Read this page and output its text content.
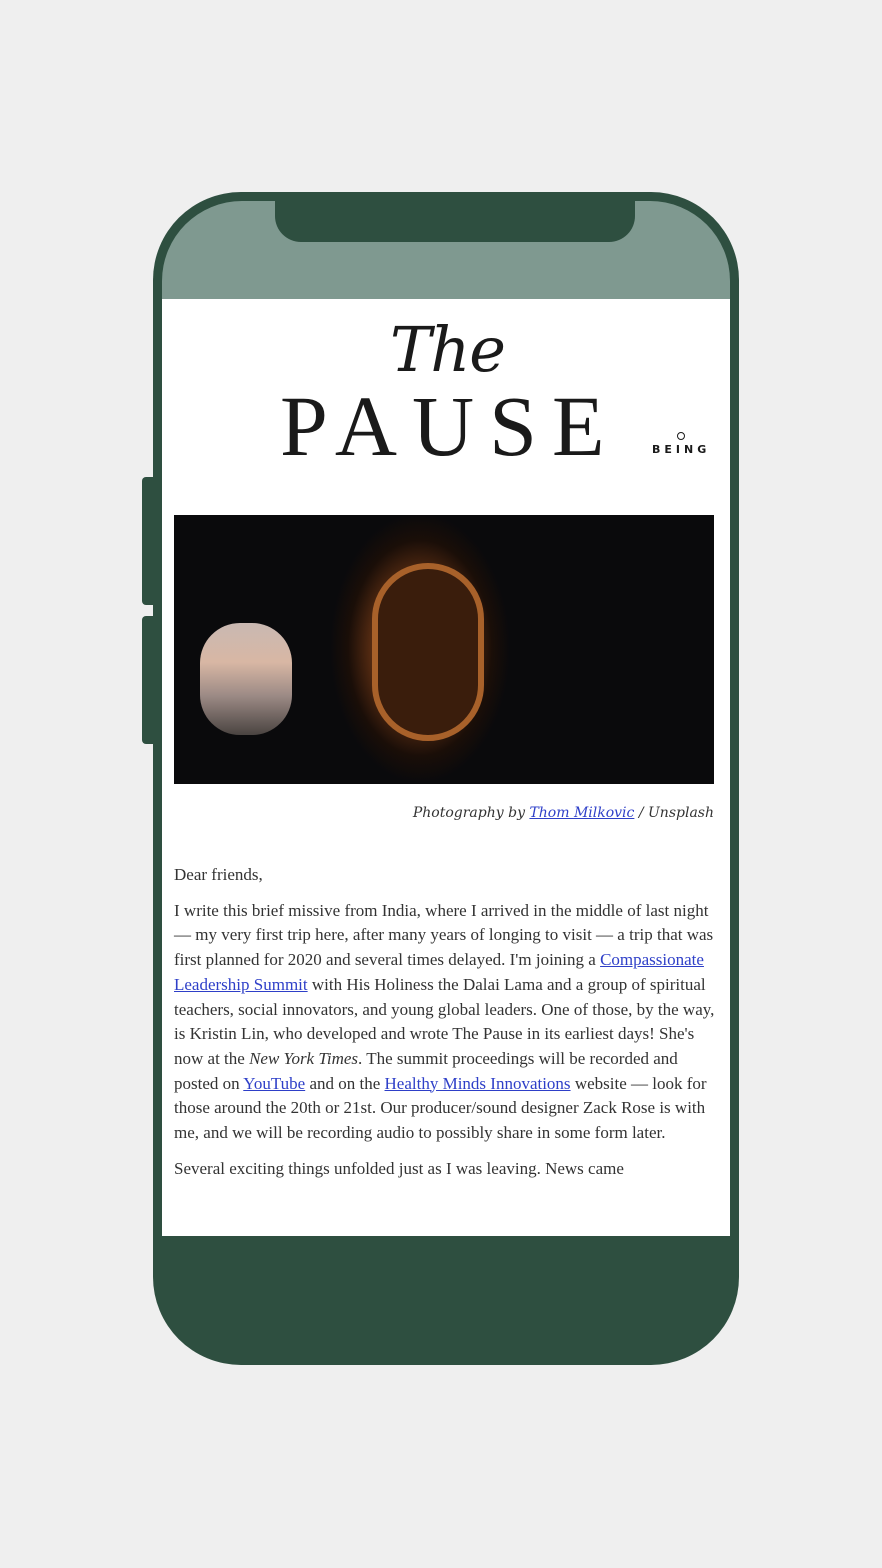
The
PAUSE	BEING
Photography by Thom Milkovic / Unsplash

Dear friends,

I write this brief missive from India, where I arrived in the middle of last night — my very first trip here, after many years of longing to visit — a trip that was first planned for 2020 and several times delayed. I'm joining a Compassionate Leadership Summit with His Holiness the Dalai Lama and a group of spiritual teachers, social innovators, and young global leaders. One of those, by the way, is Kristin Lin, who developed and wrote The Pause in its earliest days! She's now at the New York Times. The summit proceedings will be recorded and posted on YouTube and on the Healthy Minds Innovations website — look for those around the 20th or 21st. Our producer/sound designer Zack Rose is with me, and we will be recording audio to possibly share in some form later.

Several exciting things unfolded just as I was leaving. News came
